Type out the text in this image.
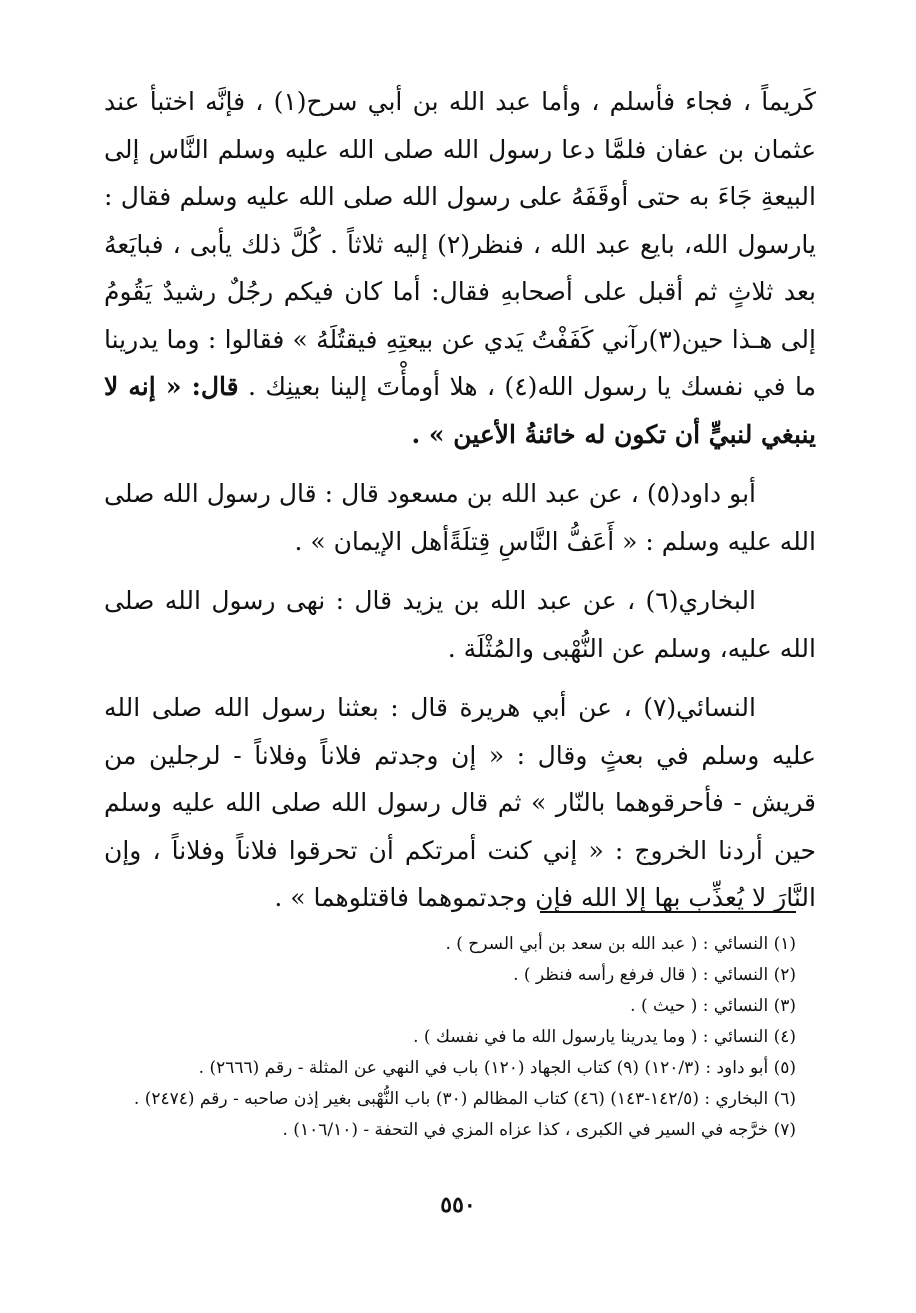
كَريماً ، فجاء فأسلم ، وأما عبد الله بن أبي سرح(١) ، فإنَّه اختبأ عند عثمان بن عفان فلمَّا دعا رسول الله صلى الله عليه وسلم النَّاس إلى البيعةِ جَاءَ به حتى أوقَفَهُ على رسول الله صلى الله عليه وسلم فقال : يارسول الله، بايع عبد الله ، فنظر(٢) إليه ثلاثاً . كُلَّ ذلك يأبى ، فبايَعهُ بعد ثلاثٍ ثم أقبل على أصحابهِ فقال: أما كان فيكم رجُلٌ رشيدٌ يَقُومُ إلى هـذا حين(٣)رآني كَفَفْتُ يَدي عن بيعتِهِ فيقتُلَهُ » فقالوا : وما يدرينا ما في نفسك يا رسول الله(٤) ، هلا أومأْتَ إلينا بعينِك . قال: « إنه لا ينبغي لنبيٍّ أن تكون له خائنةُ الأعين » .

أبو داود(٥) ، عن عبد الله بن مسعود قال : قال رسول الله صلى الله عليه وسلم : « أَعَفُّ النَّاسِ قِتلَةًأهل الإيمان » .

البخاري(٦) ، عن عبد الله بن يزيد قال : نهى رسول الله صلى الله عليه، وسلم عن النُّهْبى والمُثْلَة .

النسائي(٧) ، عن أبي هريرة قال : بعثنا رسول الله صلى الله عليه وسلم في بعثٍ وقال : « إن وجدتم فلاناً وفلاناً - لرجلين من قريش - فأحرقوهما بالنّار » ثم قال رسول الله صلى الله عليه وسلم حين أردنا الخروج : « إني كنت أمرتكم أن تحرقوا فلاناً وفلاناً ، وإن النَّارَ لا يُعذِّب بها إلا الله فإن وجدتموهما فاقتلوهما » .

(١) النسائي : ( عبد الله بن سعد بن أبي السرح ) .

(٢) النسائي : ( قال فرفع رأسه فنظر ) .

(٣) النسائي : ( حيث ) .

(٤) النسائي : ( وما يدرينا يارسول الله ما في نفسك ) .

(٥) أبو داود : (١٢٠/٣) (٩) كتاب الجهاد (١٢٠) باب في النهي عن المثلة - رقم (٢٦٦٦) .

(٦) البخاري : (١٤٢/٥-١٤٣) (٤٦) كتاب المظالم (٣٠) باب النُّهْبى بغير إذن صاحبه - رقم (٢٤٧٤) .

(٧) خرَّجه في السير في الكبرى ، كذا عزاه المزي في التحفة - (١٠٦/١٠) .

٥٥٠
